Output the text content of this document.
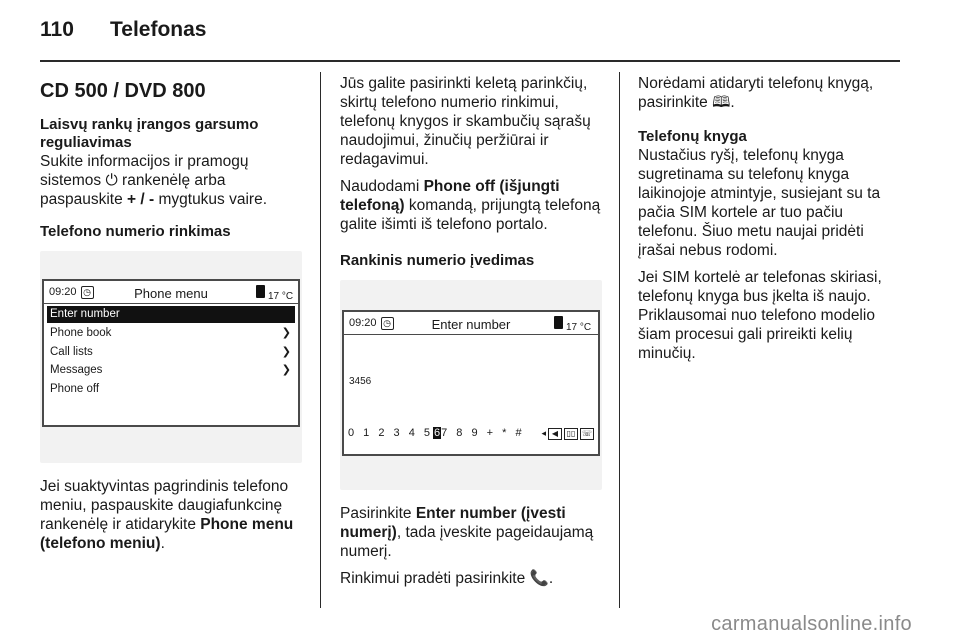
110	Telefonas
CD 500 / DVD 800
Laisvų rankų įrangos garsumo reguliavimas

Sukite informacijos ir pramogų sistemos ⏻ rankenėlę arba paspauskite + / - mygtukus vaire.

Telefono numerio rinkimas
09:20 ◷	Phone menu	17 °C
Enter number
Phone book	❯
Call lists	❯
Messages	❯
Phone off

Jei suaktyvintas pagrindinis telefono meniu, paspauskite daugiafunkcinę rankenėlę ir atidarykite Phone menu (telefono meniu).

Jūs galite pasirinkti keletą parinkčių, skirtų telefono numerio rinkimui, telefonų knygos ir skambučių sąrašų naudojimui, žinučių peržiūrai ir redagavimui.

Naudodami Phone off (išjungti telefoną) komandą, prijungtą telefoną galite išimti iš telefono portalo.

Rankinis numerio įvedimas
09:20 ◷	Enter number	17 °C
3456
0 1 2 3 4 567 8 9 + * # ◂ ◀	▯▯ ☏

Pasirinkite Enter number (įvesti numerį), tada įveskite pageidaujamą numerį.

Rinkimui pradėti pasirinkite 📞.

Norėdami atidaryti telefonų knygą, pasirinkite 🕮.

Telefonų knyga

Nustačius ryšį, telefonų knyga sugretinama su telefonų knyga laikinojoje atmintyje, susiejant su ta pačia SIM kortele ar tuo pačiu telefonu. Šiuo metu naujai pridėti įrašai nebus rodomi.

Jei SIM kortelė ar telefonas skiriasi, telefonų knyga bus įkelta iš naujo. Priklausomai nuo telefono modelio šiam procesui gali prireikti kelių minučių.

carmanualsonline.info
